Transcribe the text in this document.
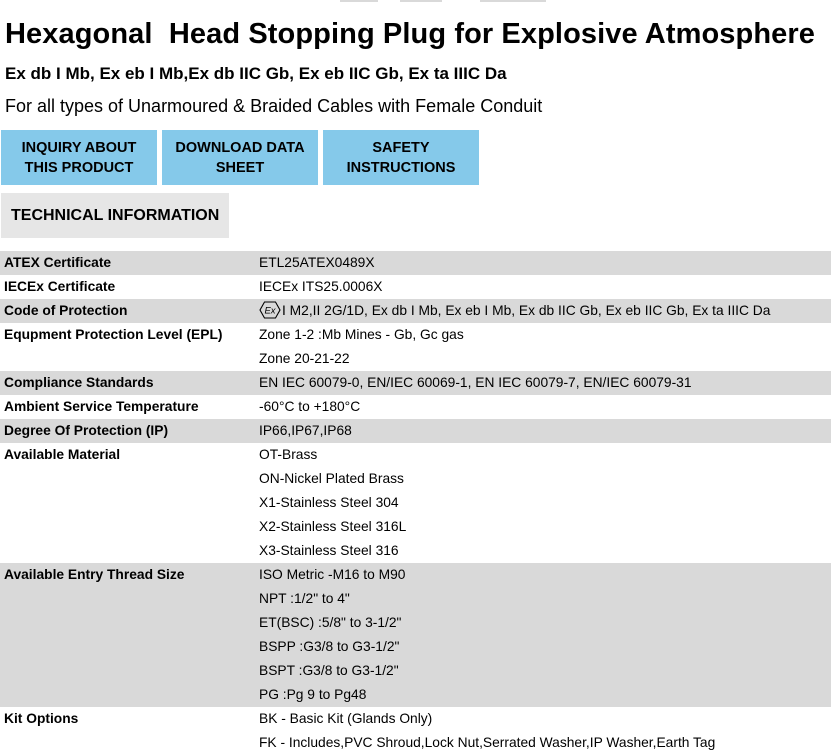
Hexagonal  Head Stopping Plug for Explosive Atmosphere
Ex db I Mb, Ex eb I Mb,Ex db IIC Gb, Ex eb IIC Gb, Ex ta IIIC Da

For all types of Unarmoured & Braided Cables with Female Conduit

INQUIRY ABOUT THIS PRODUCT
DOWNLOAD DATA SHEET
SAFETY INSTRUCTIONS
TECHNICAL INFORMATION
ATEX Certificate	ETL25ATEX0489X
IECEx Certificate	IECEx ITS25.0006X
Code of Protection	Ex I M2,II 2G/1D, Ex db I Mb, Ex eb I Mb, Ex db IIC Gb, Ex eb IIC Gb, Ex ta IIIC Da
Equpment Protection Level (EPL)	Zone 1-2 :Mb Mines - Gb, Gc gas
Zone 20-21-22
Compliance Standards	EN IEC 60079-0, EN/IEC 60069-1, EN IEC 60079-7, EN/IEC 60079-31
Ambient Service Temperature	-60°C to +180°C
Degree Of Protection (IP)	IP66,IP67,IP68
Available Material	OT-Brass
ON-Nickel Plated Brass
X1-Stainless Steel 304
X2-Stainless Steel 316L
X3-Stainless Steel 316
Available Entry Thread Size	ISO Metric -M16 to M90
NPT :1/2" to 4"
ET(BSC) :5/8" to 3-1/2"
BSPP :G3/8 to G3-1/2"
BSPT :G3/8 to G3-1/2"
PG :Pg 9 to Pg48
Kit Options	BK - Basic Kit (Glands Only)
FK - Includes,PVC Shroud,Lock Nut,Serrated Washer,IP Washer,Earth Tag
